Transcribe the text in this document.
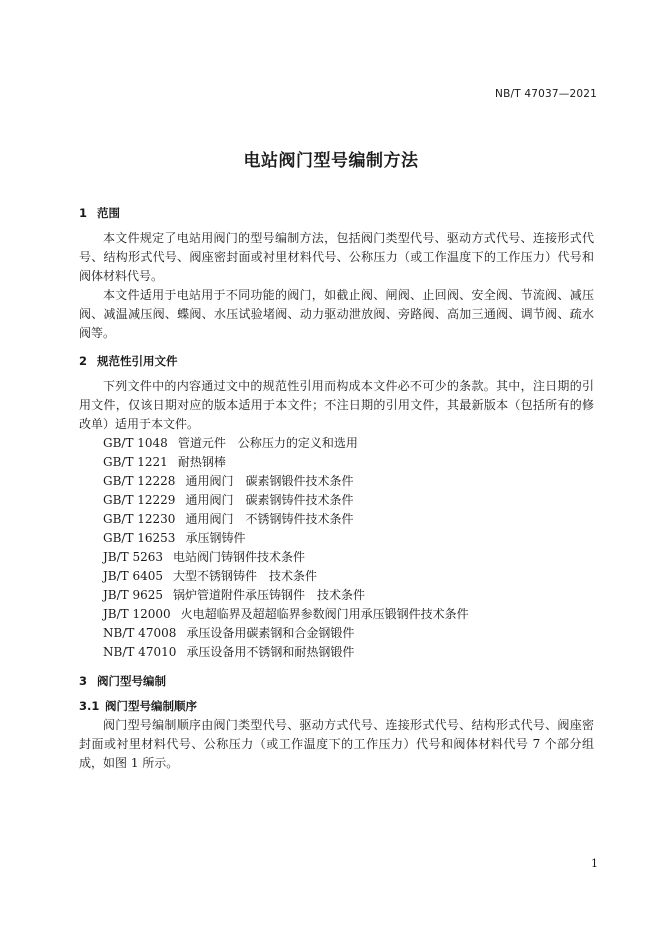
NB/T 47037—2021
电站阀门型号编制方法
1 范围

本文件规定了电站用阀门的型号编制方法，包括阀门类型代号、驱动方式代号、连接形式代号、结构形式代号、阀座密封面或衬里材料代号、公称压力（或工作温度下的工作压力）代号和阀体材料代号。

本文件适用于电站用于不同功能的阀门，如截止阀、闸阀、止回阀、安全阀、节流阀、减压阀、减温减压阀、蝶阀、水压试验堵阀、动力驱动泄放阀、旁路阀、高加三通阀、调节阀、疏水阀等。

2 规范性引用文件

下列文件中的内容通过文中的规范性引用而构成本文件必不可少的条款。其中，注日期的引用文件，仅该日期对应的版本适用于本文件；不注日期的引用文件，其最新版本（包括所有的修改单）适用于本文件。

GB/T 1048 管道元件　公称压力的定义和选用
GB/T 1221 耐热钢棒
GB/T 12228 通用阀门　碳素钢锻件技术条件
GB/T 12229 通用阀门　碳素钢铸件技术条件
GB/T 12230 通用阀门　不锈钢铸件技术条件
GB/T 16253 承压钢铸件
JB/T 5263 电站阀门铸钢件技术条件
JB/T 6405 大型不锈钢铸件　技术条件
JB/T 9625 锅炉管道附件承压铸钢件　技术条件
JB/T 12000 火电超临界及超超临界参数阀门用承压锻钢件技术条件
NB/T 47008 承压设备用碳素钢和合金钢锻件
NB/T 47010 承压设备用不锈钢和耐热钢锻件
3 阀门型号编制
3.1 阀门型号编制顺序

阀门型号编制顺序由阀门类型代号、驱动方式代号、连接形式代号、结构形式代号、阀座密封面或衬里材料代号、公称压力（或工作温度下的工作压力）代号和阀体材料代号 7 个部分组成，如图 1 所示。

1
